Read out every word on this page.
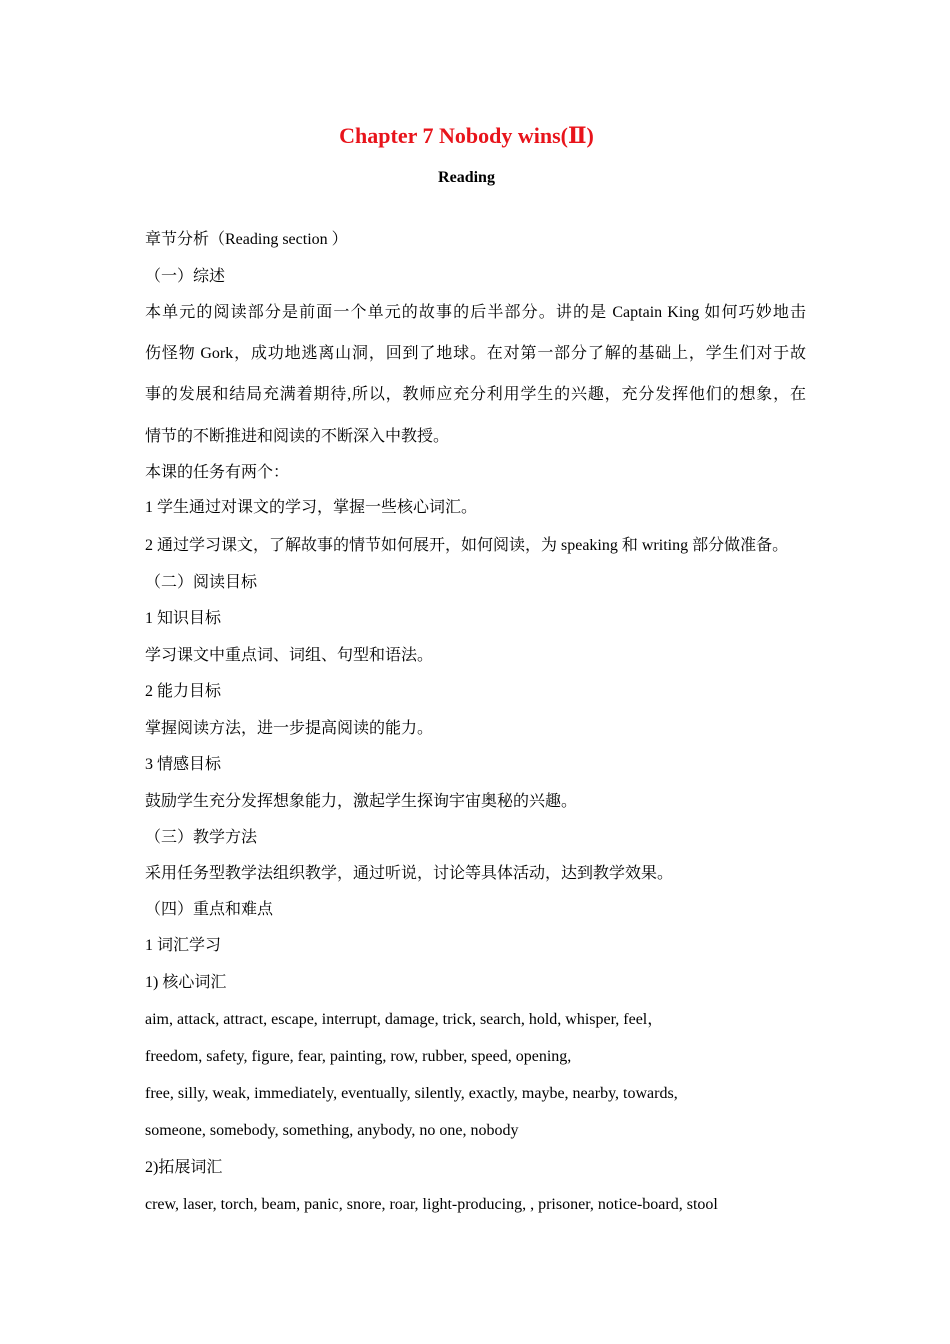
Chapter 7 Nobody wins(Ⅱ)
Reading
章节分析（Reading section ）
（一）综述
本单元的阅读部分是前面一个单元的故事的后半部分。讲的是 Captain King 如何巧妙地击
伤怪物 Gork，成功地逃离山洞，回到了地球。在对第一部分了解的基础上，学生们对于故
事的发展和结局充满着期待,所以，教师应充分利用学生的兴趣，充分发挥他们的想象，在
情节的不断推进和阅读的不断深入中教授。
本课的任务有两个：
1 学生通过对课文的学习，掌握一些核心词汇。
2 通过学习课文，了解故事的情节如何展开，如何阅读，为 speaking 和 writing 部分做准备。
（二）阅读目标
1 知识目标
学习课文中重点词、词组、句型和语法。
2 能力目标
掌握阅读方法，进一步提高阅读的能力。
3 情感目标
鼓励学生充分发挥想象能力，激起学生探询宇宙奥秘的兴趣。
（三）教学方法
采用任务型教学法组织教学，通过听说，讨论等具体活动，达到教学效果。
（四）重点和难点
1 词汇学习
1) 核心词汇
aim, attack, attract, escape, interrupt, damage, trick, search, hold, whisper, feel，
freedom, safety, figure, fear, painting, row, rubber, speed, opening,
free, silly, weak, immediately, eventually, silently, exactly, maybe, nearby, towards,
someone, somebody, something, anybody, no one, nobody
2)拓展词汇
crew, laser, torch, beam, panic, snore, roar, light-producing, , prisoner, notice-board, stool
